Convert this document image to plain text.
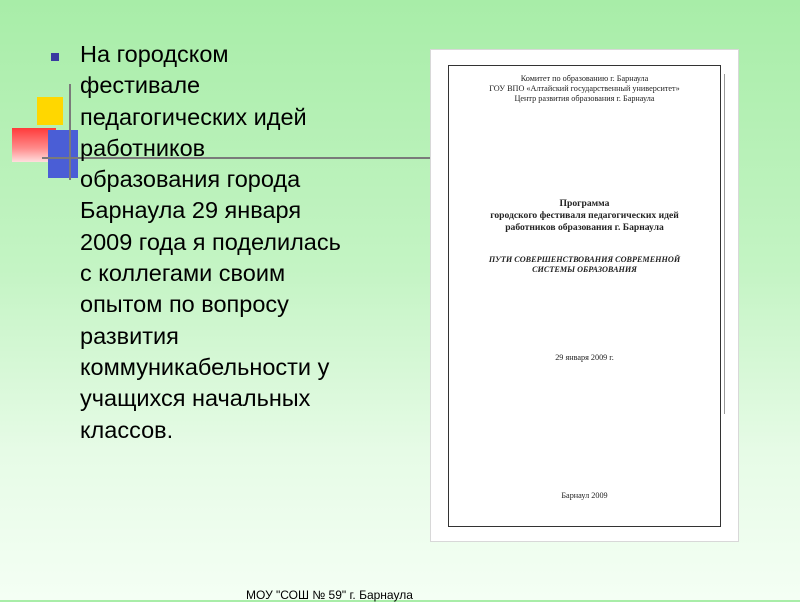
На городском
фестивале
педагогических идей
работников
образования города
Барнаула 29 января
2009 года я поделилась
с коллегами своим
опытом по вопросу
развития
коммуникабельности у
учащихся начальных
классов.
Комитет по образованию г. Барнаула
ГОУ ВПО «Алтайский государственный университет»
Центр развития образования г. Барнаула
Программа
городского фестиваля педагогических идей
работников образования г. Барнаула
ПУТИ СОВЕРШЕНСТВОВАНИЯ СОВРЕМЕННОЙ
СИСТЕМЫ ОБРАЗОВАНИЯ
29 января 2009 г.
Барнаул 2009
МОУ "СОШ № 59" г. Барнаула
